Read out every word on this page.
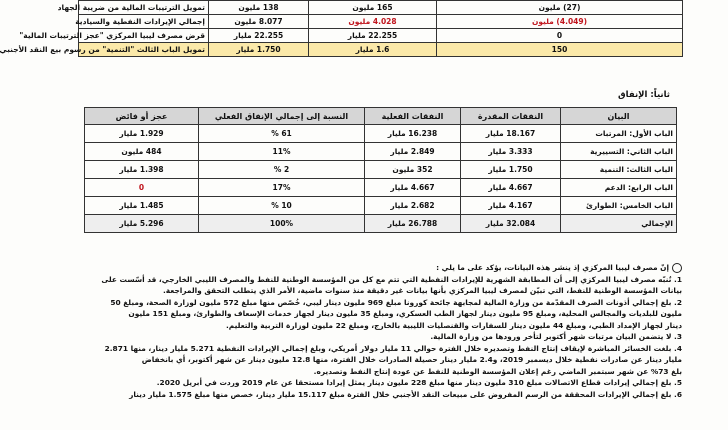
(27) مليون	165 مليون	138 مليون	تمويل الترتيبات المالية من ضريبة الجهاد
(4.049) مليون	4.028 مليون	8.077 مليون	إجمالي الإيرادات النفطية والسيادية
0	22.255 مليار	22.255 مليار	قرض مصرف ليبيا المركزي "عجز الترتيبات المالية"
150	1.6 مليار	1.750 مليار	تمويل الباب الثالث "التنمية" من رسوم بيع النقد الأجنبي
ثانياً: الإنفاق
البيان	النفقات المقدرة	النفقات الفعلية	النسبة إلى إجمالي الإنفاق الفعلي	عجز أو فائض
الباب الأول: المرتبات	18.167 مليار	16.238 مليار	61 %	1.929 مليار
الباب الثاني: التسييرية	3.333 مليار	2.849 مليار	11%	484 مليون
الباب الثالث: التنمية	1.750 مليار	352 مليون	2 %	1.398 مليار
الباب الرابع: الدعم	4.667 مليار	4.667 مليار	17%	0
الباب الخامس: الطوارئ	4.167 مليار	2.682 مليار	10 %	1.485 مليار
الإجمالي	32.084 مليار	26.788 مليار	100%	5.296 مليار

إنّ مصرف ليبيا المركزي إذ ينشر هذه البيانات، يؤكد على ما يلي :

1. تُنبّه مصرف ليبيا المركزي إلى أن المطابقة الشهرية للإيرادات النفطية التي تتم مع كل من المؤسسة الوطنية للنفط والمصرف الليبي الخارجي، قد أسّست على

بيانات المؤسسة الوطنية للنفط، التي تبيّن لمصرف ليبيا المركزي بأنها بيانات غير دقيقة منذ سنوات ماضية، الأمر الذي يتطلب التحقق والمراجعة.

2. بلغ إجمالي أذونات الصرف المقدّمة من وزارة المالية لمجابهة جائحة كورونا مبلغ 969 مليون دينار ليبي، خُصّص منها مبلغ 572 مليون لوزارة الصحة، ومبلغ 50

مليون للبلديات والمجالس المحلية، ومبلغ 95 مليون دينار لجهاز الطب العسكري، ومبلغ 35 مليون دينار لجهاز خدمات الإسعاف والطوارئ، ومبلغ 151 مليون

دينار لجهاز الإمداد الطبي، ومبلغ 44 مليون دينار للسفارات والقنصليات الليبية بالخارج، ومبلغ 22 مليون لوزارة التربية والتعليم.

3. لا يتضمن البيان مرتبات شهر أكتوبر لتأخر ورودها من وزارة المالية.

4. بلغت الخسائر المباشرة لإيقاف إنتاج النفط وتصديره خلال الفترة حوالي 11 مليار دولار أمريكي، وبلغ إجمالي الإيرادات النفطية 5.271 مليار دينار، منها 2.871

مليار دينار عن صادرات نفطية خلال ديسمبر 2019، و2.4 مليار دينار حصيلة الصادرات خلال الفترة، منها 12.8 مليون دينار عن شهر أكتوبر، أي بانخفاض

بلغ 73% عن شهر سبتمبر الماضي رغم إعلان المؤسسة الوطنية للنفط عن عودة إنتاج النفط وتصديره.

5. بلغ إجمالي إيرادات قطاع الاتصالات مبلغ 310 مليون دينار منها مبلغ 228 مليون دينار يمثل إيرادا مستحقا عن عام 2019 وردت في أبريل 2020.

6. بلغ إجمالي الإيرادات المحققة من الرسم المفروض على مبيعات النقد الأجنبي خلال الفترة مبلغ 15.117 مليار دينار، خصص منها مبلغ 1.575 مليار دينار
